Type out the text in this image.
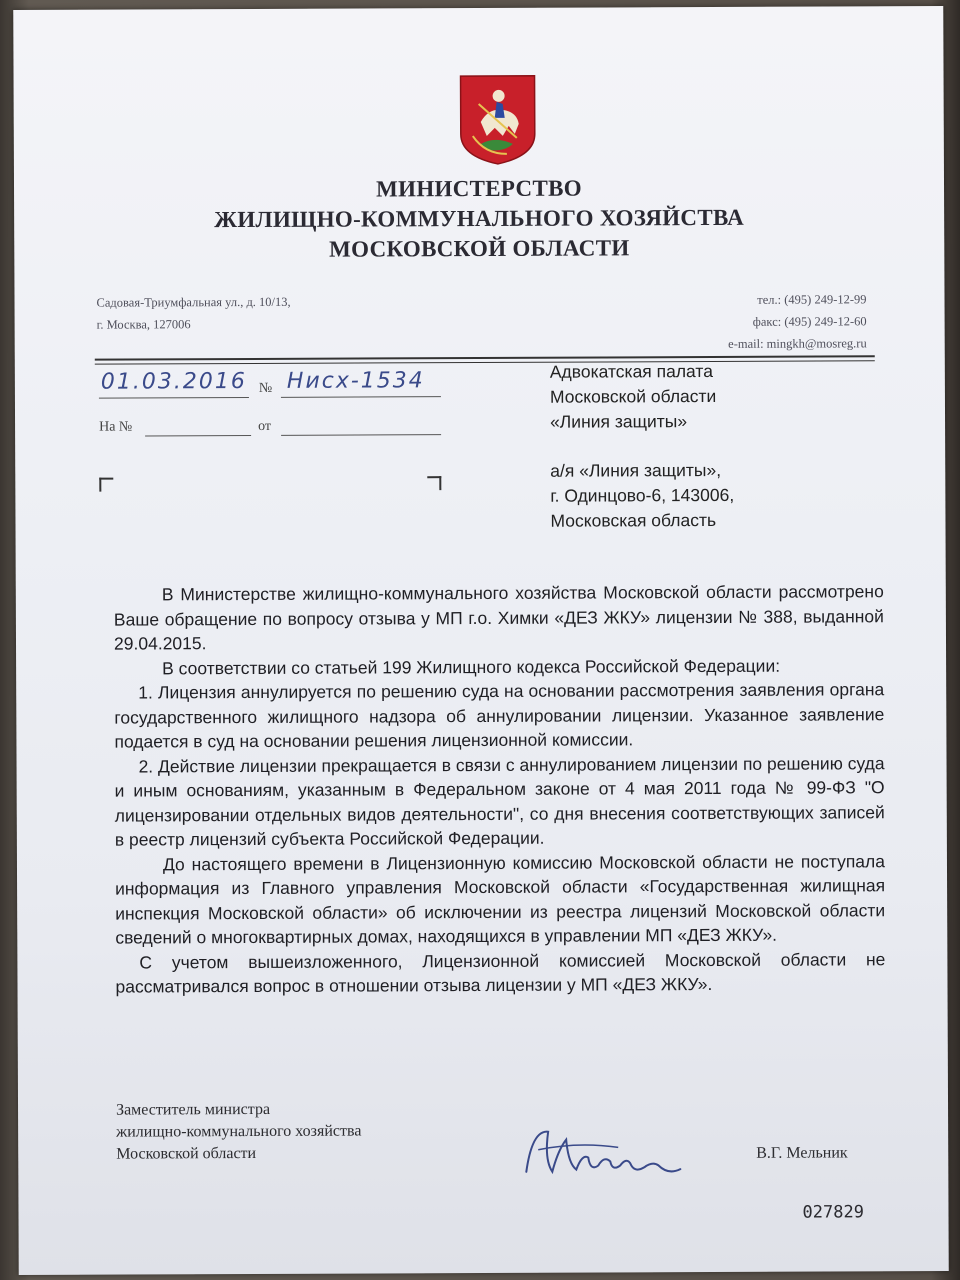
МИНИСТЕРСТВО
ЖИЛИЩНО-КОММУНАЛЬНОГО ХОЗЯЙСТВА
МОСКОВСКОЙ ОБЛАСТИ
Садовая-Триумфальная ул., д. 10/13,
г. Москва, 127006
тел.: (495) 249-12-99
факс: (495) 249-12-60
e-mail: mingkh@mosreg.ru
01.03.2016 № Нисх-1534
На №	от
Адвокатская палата
Московской области
«Линия защиты»
а/я «Линия защиты»,
г. Одинцово-6, 143006,
Московская область

В Министерстве жилищно-коммунального хозяйства Московской области рассмотрено Ваше обращение по вопросу отзыва у МП г.о. Химки «ДЕЗ ЖКУ» лицензии № 388, выданной 29.04.2015.

В соответствии со статьей 199 Жилищного кодекса Российской Федерации:

1. Лицензия аннулируется по решению суда на основании рассмотрения заявления органа государственного жилищного надзора об аннулировании лицензии. Указанное заявление подается в суд на основании решения лицензионной комиссии.

2. Действие лицензии прекращается в связи с аннулированием лицензии по решению суда и иным основаниям, указанным в Федеральном законе от 4 мая 2011 года № 99-ФЗ "О лицензировании отдельных видов деятельности", со дня внесения соответствующих записей в реестр лицензий субъекта Российской Федерации.

До настоящего времени в Лицензионную комиссию Московской области не поступала информация из Главного управления Московской области «Государственная жилищная инспекция Московской области» об исключении из реестра лицензий Московской области сведений о многоквартирных домах, находящихся в управлении МП «ДЕЗ ЖКУ».

С учетом вышеизложенного, Лицензионной комиссией Московской области не рассматривался вопрос в отношении отзыва лицензии у МП «ДЕЗ ЖКУ».

Заместитель министра
жилищно-коммунального хозяйства
Московской области	В.Г. Мельник
027829
